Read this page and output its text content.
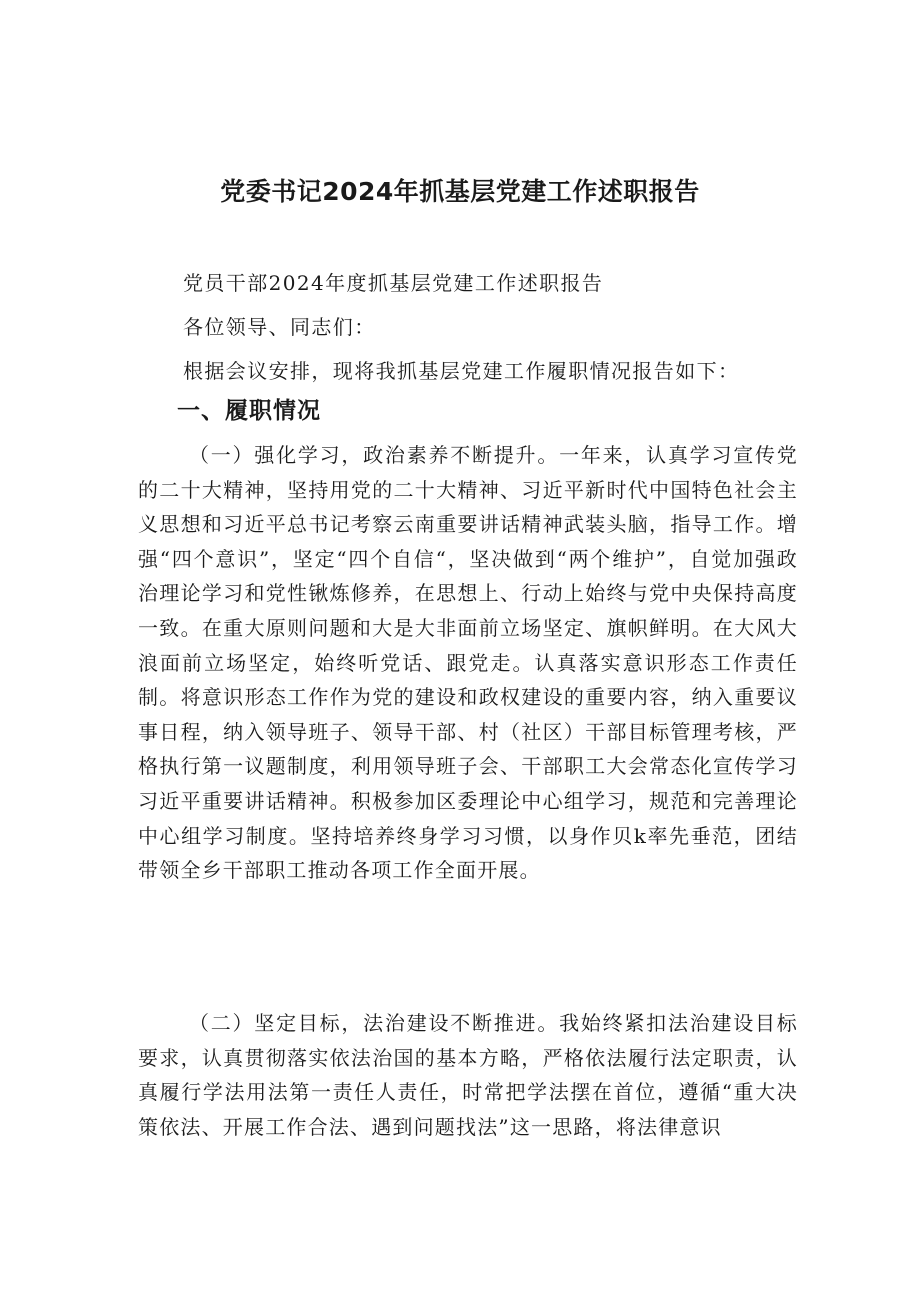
党委书记2024年抓基层党建工作述职报告
党员干部2024年度抓基层党建工作述职报告
各位领导、同志们：
根据会议安排，现将我抓基层党建工作履职情况报告如下：
一、履职情况
（一）强化学习，政治素养不断提升。一年来，认真学习宣传党的二十大精神，坚持用党的二十大精神、习近平新时代中国特色社会主义思想和习近平总书记考察云南重要讲话精神武装头脑，指导工作。增强“四个意识”，坚定“四个自信“，坚决做到“两个维护”，自觉加强政治理论学习和党性锹炼修养，在思想上、行动上始终与党中央保持高度一致。在重大原则问题和大是大非面前立场坚定、旗帜鲜明。在大风大浪面前立场坚定，始终听党话、跟党走。认真落实意识形态工作责任制。将意识形态工作作为党的建设和政权建设的重要内容，纳入重要议事日程，纳入领导班子、领导干部、村（社区）干部目标管理考核，严格执行第一议题制度，利用领导班子会、干部职工大会常态化宣传学习习近平重要讲话精神。积极参加区委理论中心组学习，规范和完善理论中心组学习制度。坚持培养终身学习习惯，以身作贝k率先垂范，团结带领全乡干部职工推动各项工作全面开展。
（二）坚定目标，法治建设不断推进。我始终紧扣法治建设目标要求，认真贯彻落实依法治国的基本方略，严格依法履行法定职责，认真履行学法用法第一责任人责任，时常把学法摆在首位，遵循“重大决策依法、开展工作合法、遇到问题找法”这一思路，将法律意识
